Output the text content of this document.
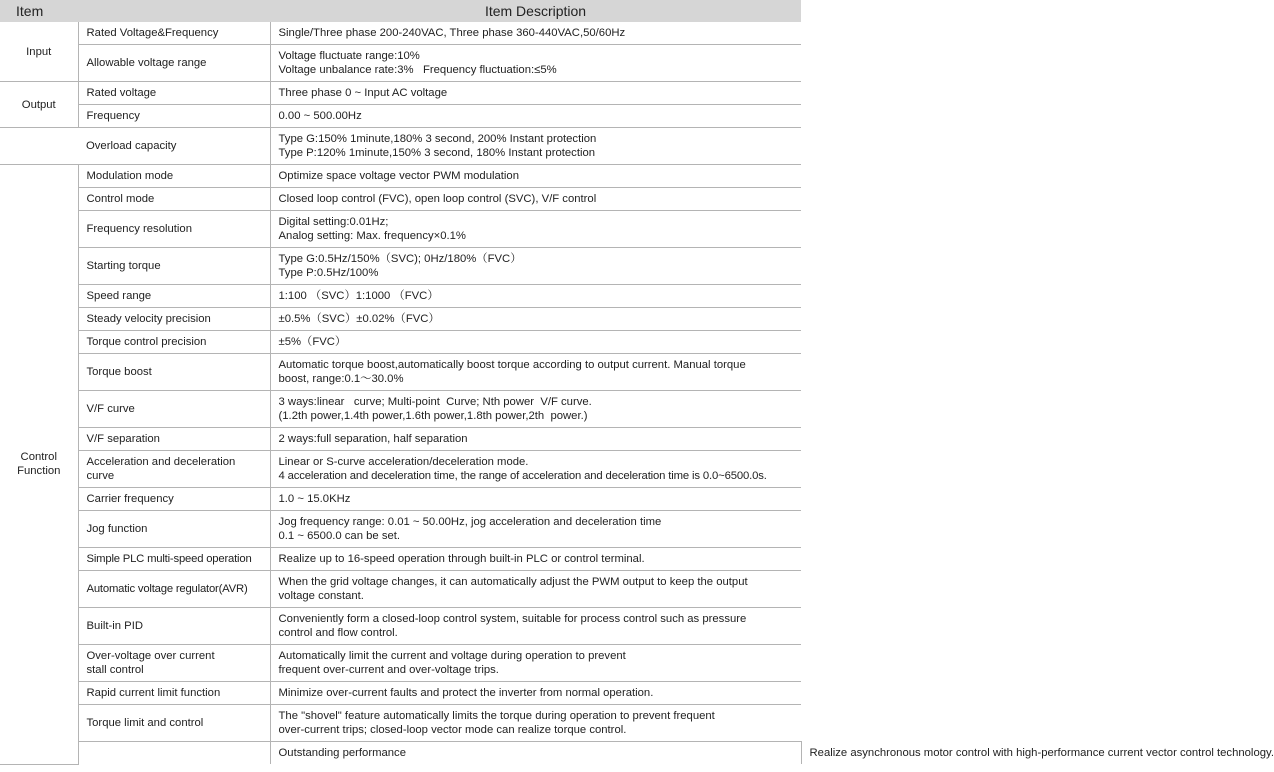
Item		Item Description	
Input	Rated Voltage&Frequency	Single/Three phase 200-240VAC, Three phase 360-440VAC,50/60Hz	

	Allowable voltage range	Voltage fluctuate range:10%
Voltage unbalance rate:3%   Frequency fluctuation:≤5%	

Output	Rated voltage	Three phase 0 ~ Input AC voltage	

	Frequency	0.00 ~ 500.00Hz	

	Overload capacity	Type G:150% 1minute,180% 3 second, 200% Instant protection
Type P:120% 1minute,150% 3 second, 180% Instant protection	

Control
Function	Modulation mode	Optimize space voltage vector PWM modulation	

	Control mode	Closed loop control (FVC), open loop control (SVC), V/F control	

	Frequency resolution	Digital setting:0.01Hz;
Analog setting: Max. frequency×0.1%	

	Starting torque	Type G:0.5Hz/150%（SVC); 0Hz/180%（FVC）
Type P:0.5Hz/100%	

	Speed range	1:100 （SVC）1:1000 （FVC）	

	Steady velocity precision	±0.5%（SVC）±0.02%（FVC）	

	Torque control precision	±5%（FVC）	

	Torque boost	Automatic torque boost,automatically boost torque according to output current. Manual torque
boost, range:0.1～30.0%	

	V/F curve	3 ways:linear   curve; Multi-point  Curve; Nth power  V/F curve.
(1.2th power,1.4th power,1.6th power,1.8th power,2th  power.)	

	V/F separation	2 ways:full separation, half separation	

	Acceleration and deceleration
curve	Linear or S-curve acceleration/deceleration mode.
4 acceleration and deceleration time, the range of acceleration and deceleration time is 0.0~6500.0s.	

	Carrier frequency	1.0 ~ 15.0KHz	

	Jog function	Jog frequency range: 0.01 ~ 50.00Hz, jog acceleration and deceleration time
0.1 ~ 6500.0 can be set.	

	Simple PLC multi-speed operation	Realize up to 16-speed operation through built-in PLC or control terminal.	

	Automatic voltage regulator(AVR)	When the grid voltage changes, it can automatically adjust the PWM output to keep the output
voltage constant.	

	Built-in PID	Conveniently form a closed-loop control system, suitable for process control such as pressure
control and flow control.	

	Over-voltage over current
stall control	Automatically limit the current and voltage during operation to prevent
frequent over-current and over-voltage trips.	

	Rapid current limit function	Minimize over-current faults and protect the inverter from normal operation.	

	Torque limit and control	The "shovel" feature automatically limits the torque during operation to prevent frequent
over-current trips; closed-loop vector mode can realize torque control.	

		Outstanding performance	Realize asynchronous motor control with high-performance current vector control technology.
